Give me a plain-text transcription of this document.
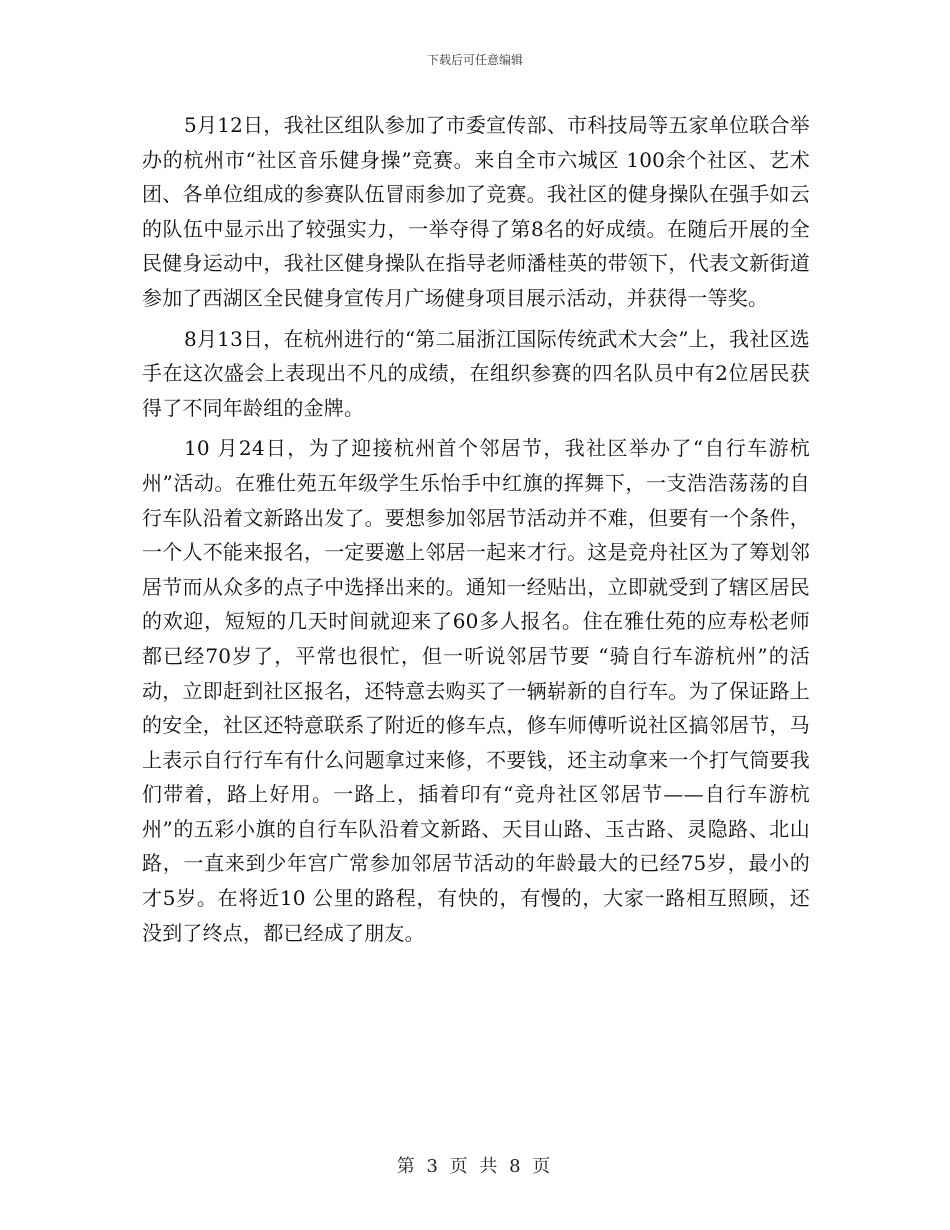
下载后可任意编辑

5月12日，我社区组队参加了市委宣传部、市科技局等五家单位联合举办的杭州市“社区音乐健身操”竞赛。来自全市六城区 100余个社区、艺术团、各单位组成的参赛队伍冒雨参加了竞赛。我社区的健身操队在强手如云的队伍中显示出了较强实力，一举夺得了第8名的好成绩。在随后开展的全民健身运动中，我社区健身操队在指导老师潘桂英的带领下，代表文新街道参加了西湖区全民健身宣传月广场健身项目展示活动，并获得一等奖。

8月13日，在杭州进行的“第二届浙江国际传统武术大会”上，我社区选手在这次盛会上表现出不凡的成绩，在组织参赛的四名队员中有2位居民获得了不同年龄组的金牌。

10 月24日，为了迎接杭州首个邻居节，我社区举办了“自行车游杭州”活动。在雅仕苑五年级学生乐怡手中红旗的挥舞下，一支浩浩荡荡的自行车队沿着文新路出发了。要想参加邻居节活动并不难，但要有一个条件，一个人不能来报名，一定要邀上邻居一起来才行。这是竞舟社区为了筹划邻居节而从众多的点子中选择出来的。通知一经贴出，立即就受到了辖区居民的欢迎，短短的几天时间就迎来了60多人报名。住在雅仕苑的应寿松老师都已经70岁了，平常也很忙，但一听说邻居节要 “骑自行车游杭州”的活动，立即赶到社区报名，还特意去购买了一辆崭新的自行车。为了保证路上的安全，社区还特意联系了附近的修车点，修车师傅听说社区搞邻居节，马上表示自行行车有什么问题拿过来修，不要钱，还主动拿来一个打气筒要我们带着，路上好用。一路上，插着印有“竞舟社区邻居节——自行车游杭州”的五彩小旗的自行车队沿着文新路、天目山路、玉古路、灵隐路、北山路，一直来到少年宫广常参加邻居节活动的年龄最大的已经75岁，最小的才5岁。在将近10 公里的路程，有快的，有慢的，大家一路相互照顾，还没到了终点，都已经成了朋友。

第 3 页 共 8 页
